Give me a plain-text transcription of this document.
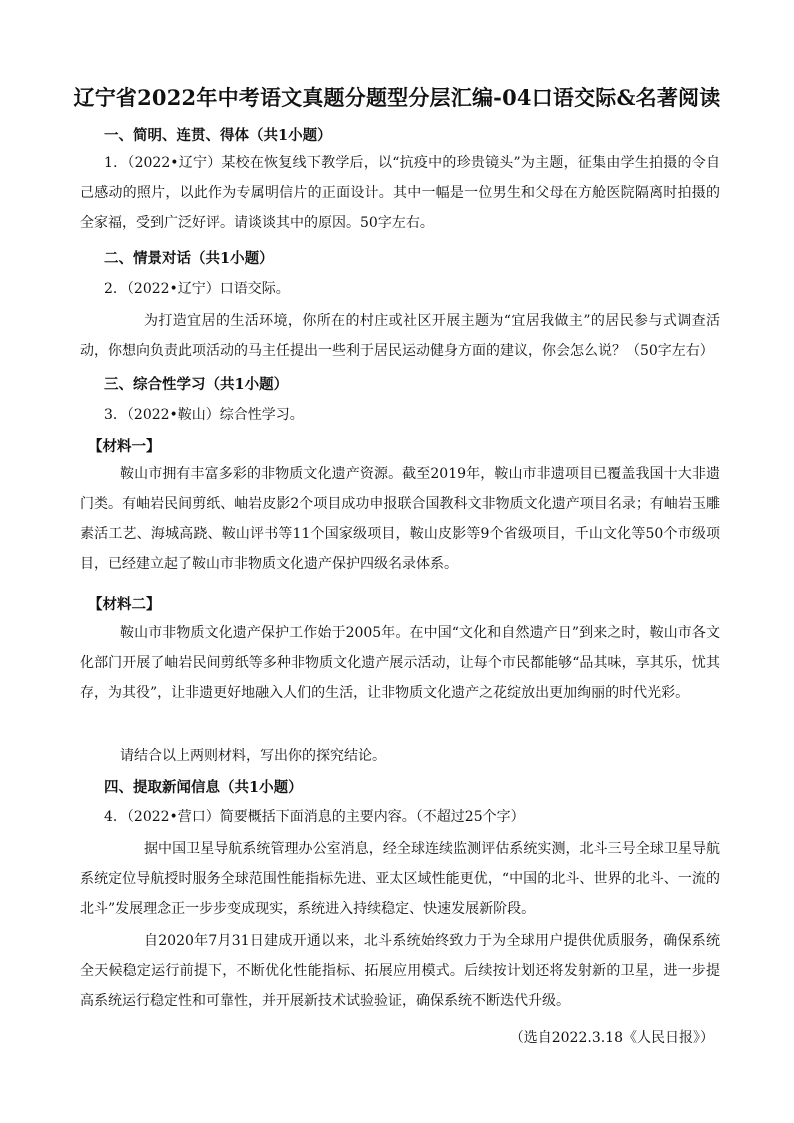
辽宁省2022年中考语文真题分题型分层汇编-04口语交际&名著阅读
一、简明、连贯、得体（共1小题）
1．（2022•辽宁）某校在恢复线下教学后，以“抗疫中的珍贵镜头”为主题，征集由学生拍摄的令自己感动的照片，以此作为专属明信片的正面设计。其中一幅是一位男生和父母在方舱医院隔离时拍摄的全家福，受到广泛好评。请谈谈其中的原因。50字左右。
二、情景对话（共1小题）
2．（2022•辽宁）口语交际。
为打造宜居的生活环境，你所在的村庄或社区开展主题为“宜居我做主”的居民参与式调查活动，你想向负责此项活动的马主任提出一些利于居民运动健身方面的建议，你会怎么说？（50字左右）
三、综合性学习（共1小题）
3．（2022•鞍山）综合性学习。
【材料一】
鞍山市拥有丰富多彩的非物质文化遗产资源。截至2019年，鞍山市非遗项目已覆盖我国十大非遗门类。有岫岩民间剪纸、岫岩皮影2个项目成功申报联合国教科文非物质文化遗产项目名录；有岫岩玉雕素活工艺、海城高跷、鞍山评书等11个国家级项目，鞍山皮影等9个省级项目，千山文化等50个市级项目，已经建立起了鞍山市非物质文化遗产保护四级名录体系。
【材料二】
鞍山市非物质文化遗产保护工作始于2005年。在中国“文化和自然遗产日”到来之时，鞍山市各文化部门开展了岫岩民间剪纸等多种非物质文化遗产展示活动，让每个市民都能够“品其味，享其乐，忧其存，为其役”，让非遗更好地融入人们的生活，让非物质文化遗产之花绽放出更加绚丽的时代光彩。
请结合以上两则材料，写出你的探究结论。
四、提取新闻信息（共1小题）
4．（2022•营口）简要概括下面消息的主要内容。（不超过25个字）
据中国卫星导航系统管理办公室消息，经全球连续监测评估系统实测，北斗三号全球卫星导航系统定位导航授时服务全球范围性能指标先进、亚太区域性能更优，“中国的北斗、世界的北斗、一流的北斗”发展理念正一步步变成现实，系统进入持续稳定、快速发展新阶段。
自2020年7月31日建成开通以来，北斗系统始终致力于为全球用户提供优质服务，确保系统全天候稳定运行前提下，不断优化性能指标、拓展应用模式。后续按计划还将发射新的卫星，进一步提高系统运行稳定性和可靠性，并开展新技术试验验证，确保系统不断迭代升级。
（选自2022.3.18《人民日报》）
